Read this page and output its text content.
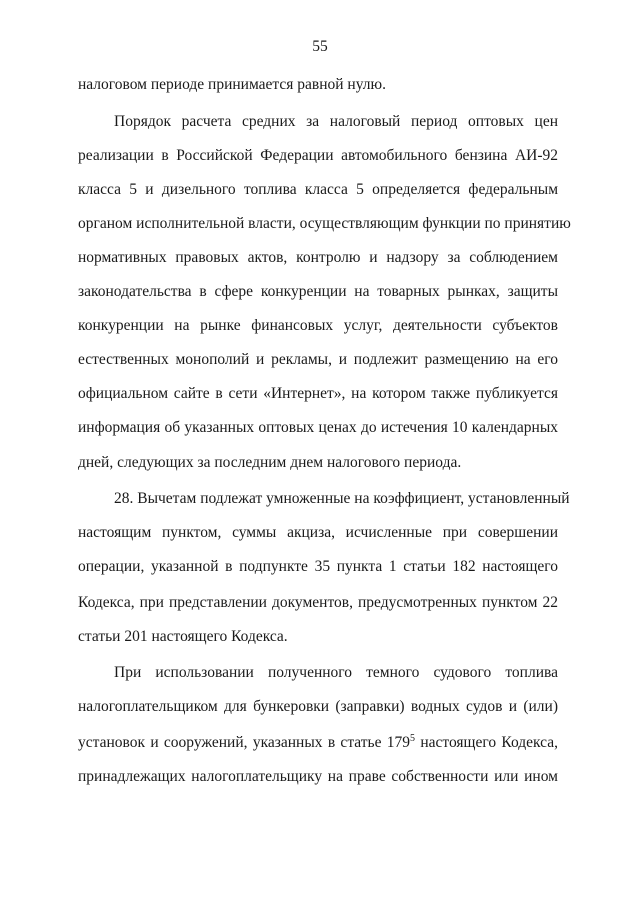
55
налоговом периоде принимается равной нулю.
Порядок расчета средних за налоговый период оптовых цен
реализации в Российской Федерации автомобильного бензина АИ-92
класса 5 и дизельного топлива класса 5 определяется федеральным
органом исполнительной власти, осуществляющим функции по принятию
нормативных правовых актов, контролю и надзору за соблюдением
законодательства в сфере конкуренции на товарных рынках, защиты
конкуренции на рынке финансовых услуг, деятельности субъектов
естественных монополий и рекламы, и подлежит размещению на его
официальном сайте в сети «Интернет», на котором также публикуется
информация об указанных оптовых ценах до истечения 10 календарных
дней, следующих за последним днем налогового периода.
28. Вычетам подлежат умноженные на коэффициент, установленный
настоящим пунктом, суммы акциза, исчисленные при совершении
операции, указанной в подпункте 35 пункта 1 статьи 182 настоящего
Кодекса, при представлении документов, предусмотренных пунктом 22
статьи 201 настоящего Кодекса.
При использовании полученного темного судового топлива
налогоплательщиком для бункеровки (заправки) водных судов и (или)
установок и сооружений, указанных в статье $179^5$ настоящего Кодекса,
принадлежащих налогоплательщику на праве собственности или ином
